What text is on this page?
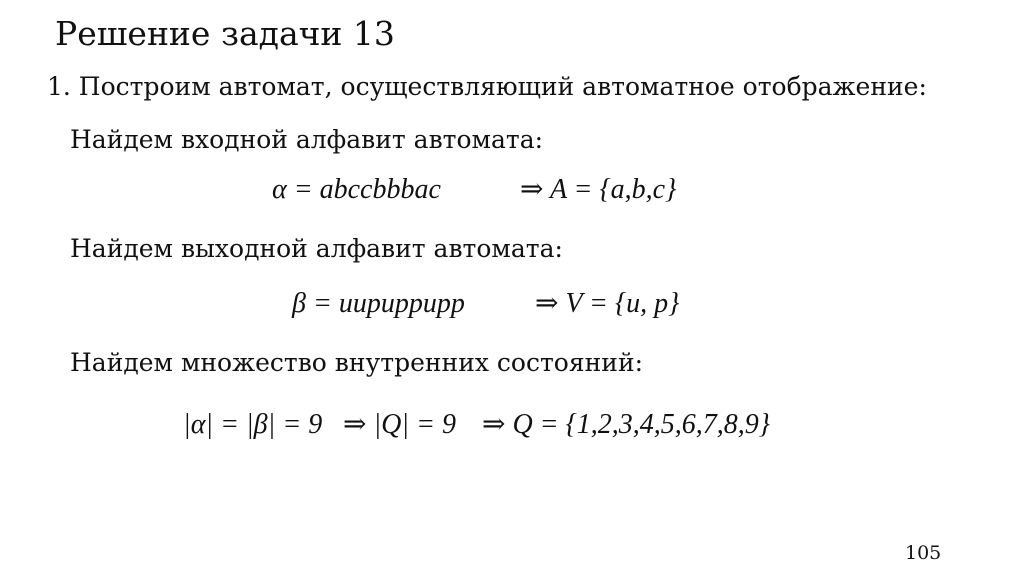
Решение задачи 13
1. Построим автомат, осуществляющий автоматное отображение:
Найдем входной алфавит автомата:
α = abccbbbac	⇒ A = {a,b,c}
Найдем выходной алфавит автомата:
β = uupuppupp	⇒ V = {u, p}
Найдем множество внутренних состояний:
|α| = |β| = 9 ⇒ |Q| = 9 ⇒ Q = {1,2,3,4,5,6,7,8,9}
105
